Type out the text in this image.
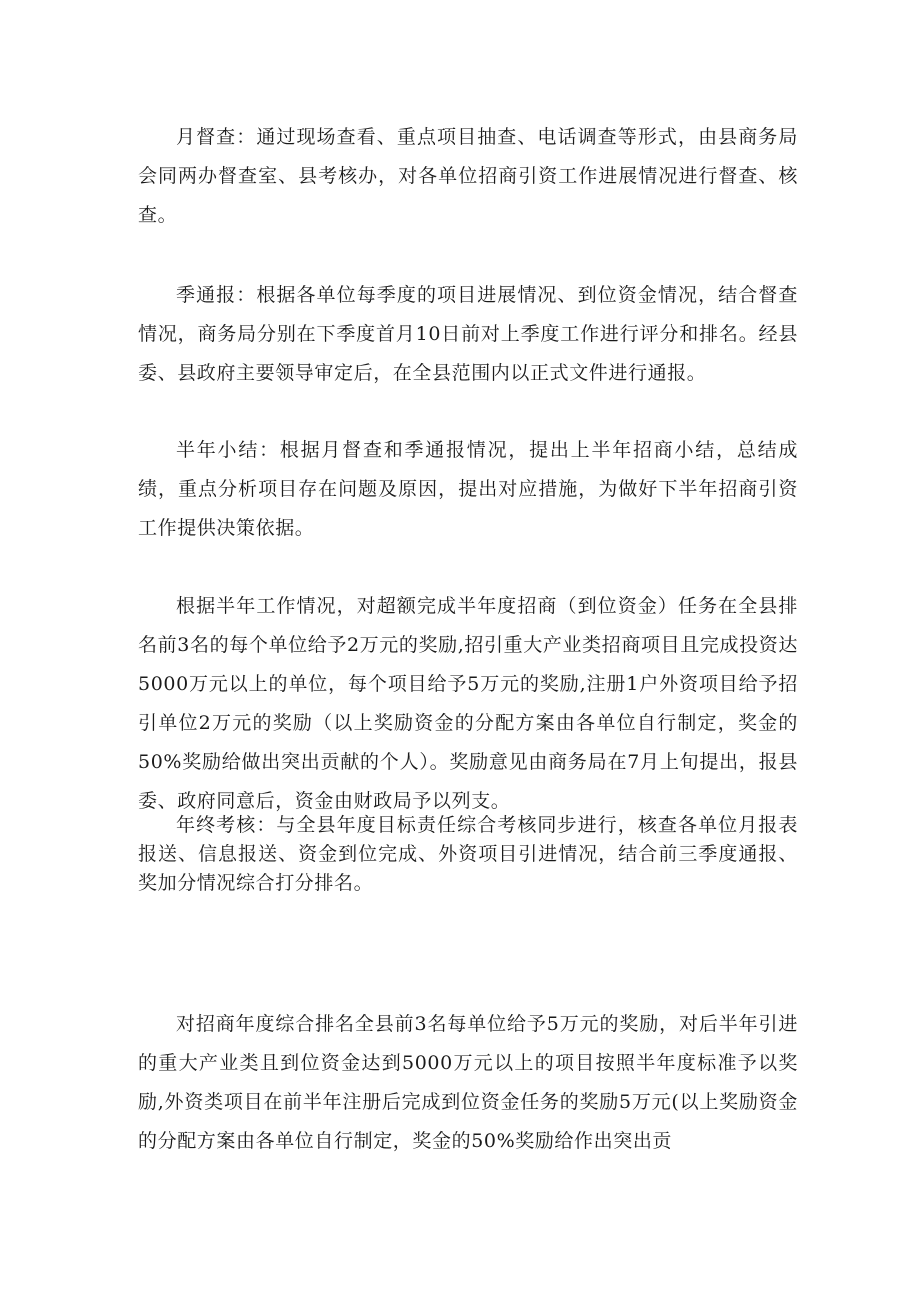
月督查：通过现场查看、重点项目抽查、电话调查等形式，由县商务局会同两办督查室、县考核办，对各单位招商引资工作进展情况进行督查、核查。

季通报：根据各单位每季度的项目进展情况、到位资金情况，结合督查情况，商务局分别在下季度首月10日前对上季度工作进行评分和排名。经县委、县政府主要领导审定后，在全县范围内以正式文件进行通报。

半年小结：根据月督查和季通报情况，提出上半年招商小结，总结成绩，重点分析项目存在问题及原因，提出对应措施，为做好下半年招商引资工作提供决策依据。

根据半年工作情况，对超额完成半年度招商（到位资金）任务在全县排名前3名的每个单位给予2万元的奖励,招引重大产业类招商项目且完成投资达5000万元以上的单位，每个项目给予5万元的奖励,注册1户外资项目给予招引单位2万元的奖励（以上奖励资金的分配方案由各单位自行制定，奖金的50%奖励给做出突出贡献的个人）。奖励意见由商务局在7月上旬提出，报县委、政府同意后，资金由财政局予以列支。

年终考核：与全县年度目标责任综合考核同步进行，核查各单位月报表报送、信息报送、资金到位完成、外资项目引进情况，结合前三季度通报、奖加分情况综合打分排名。

对招商年度综合排名全县前3名每单位给予5万元的奖励，对后半年引进的重大产业类且到位资金达到5000万元以上的项目按照半年度标准予以奖励,外资类项目在前半年注册后完成到位资金任务的奖励5万元(以上奖励资金的分配方案由各单位自行制定，奖金的50%奖励给作出突出贡
